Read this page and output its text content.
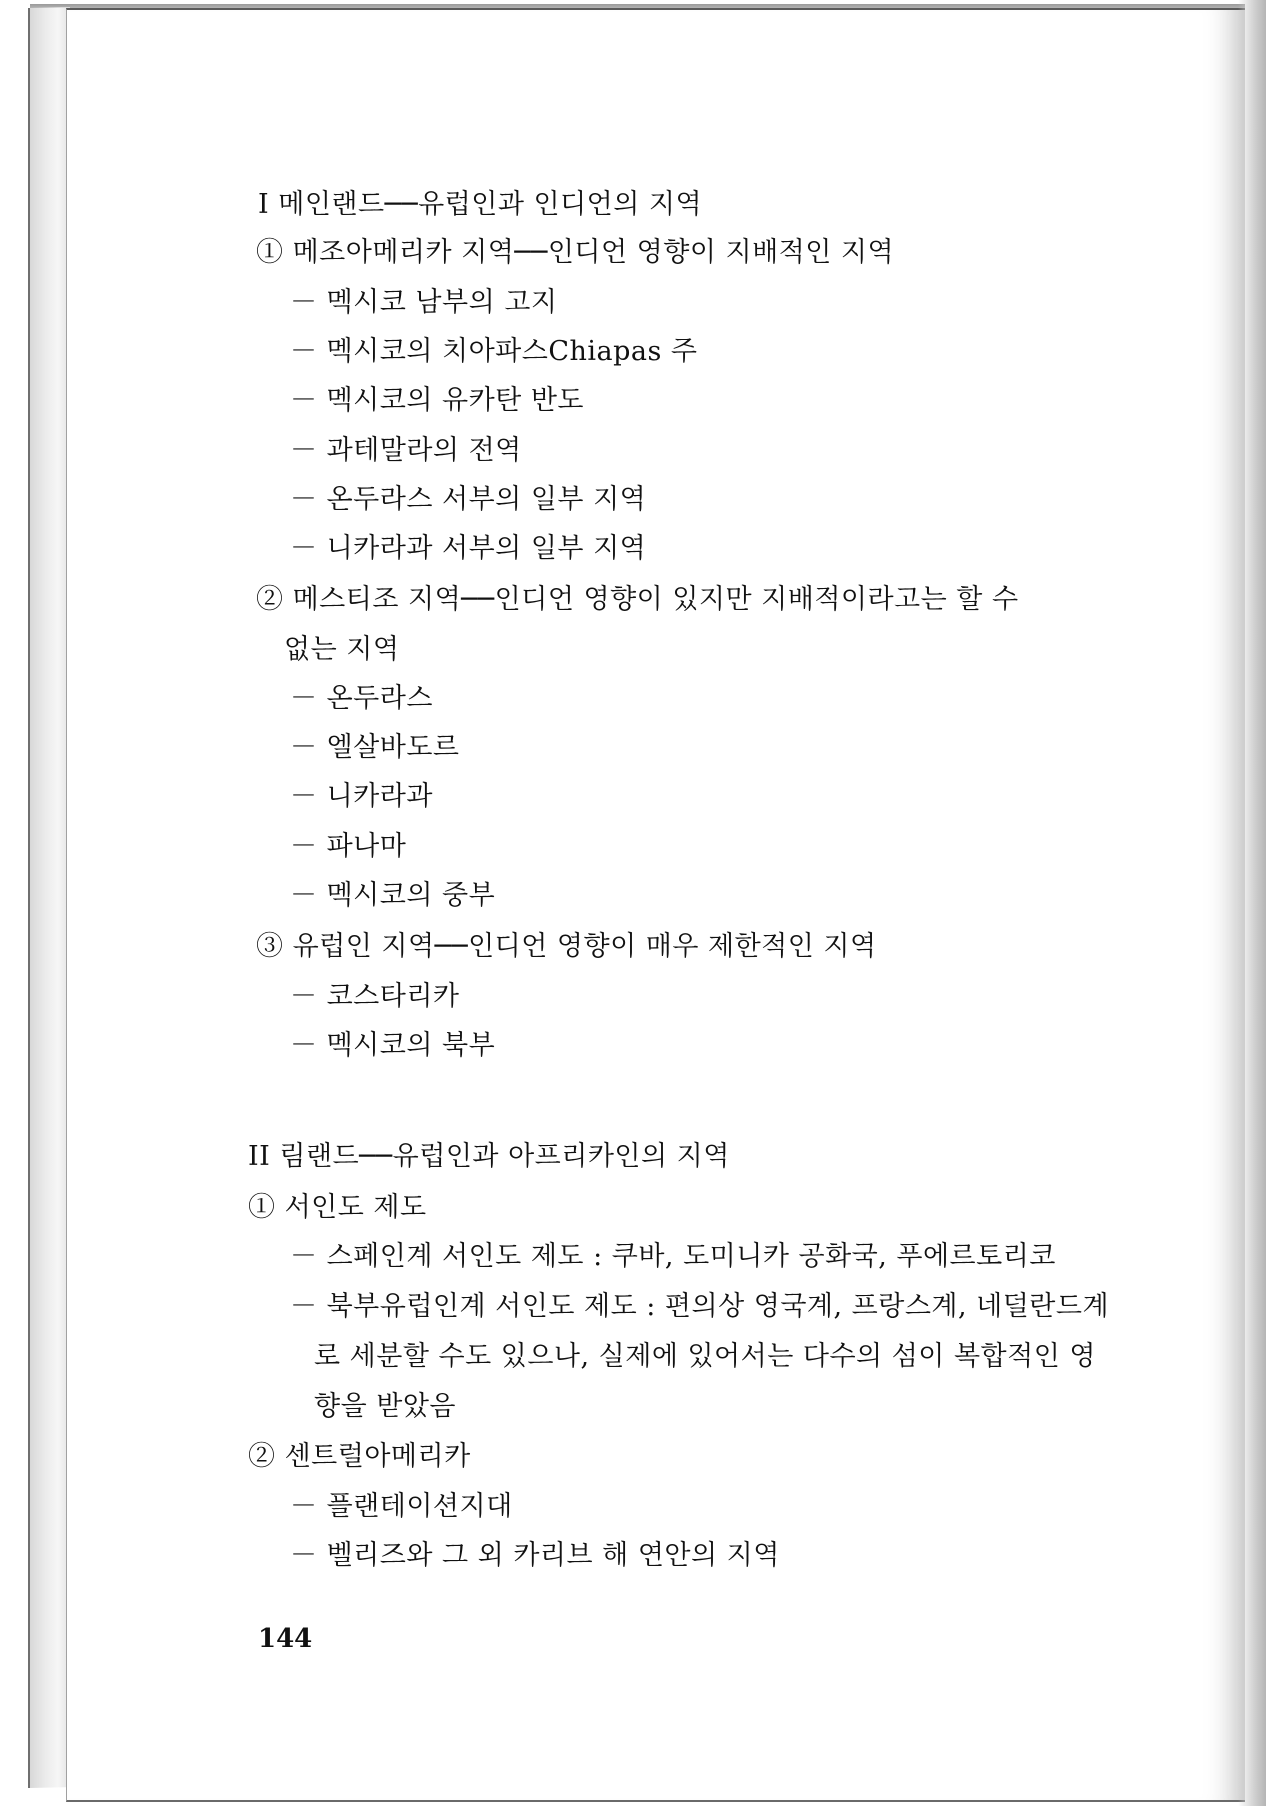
I 메인랜드──유럽인과 인디언의 지역
① 메조아메리카 지역──인디언 영향이 지배적인 지역
－ 멕시코 남부의 고지
－ 멕시코의 치아파스Chiapas 주
－ 멕시코의 유카탄 반도
－ 과테말라의 전역
－ 온두라스 서부의 일부 지역
－ 니카라과 서부의 일부 지역
② 메스티조 지역──인디언 영향이 있지만 지배적이라고는 할 수
없는 지역
－ 온두라스
－ 엘살바도르
－ 니카라과
－ 파나마
－ 멕시코의 중부
③ 유럽인 지역──인디언 영향이 매우 제한적인 지역
－ 코스타리카
－ 멕시코의 북부
II 림랜드──유럽인과 아프리카인의 지역
① 서인도 제도
－ 스페인계 서인도 제도 : 쿠바, 도미니카 공화국, 푸에르토리코
－ 북부유럽인계 서인도 제도 : 편의상 영국계, 프랑스계, 네덜란드계
로 세분할 수도 있으나, 실제에 있어서는 다수의 섬이 복합적인 영
향을 받았음
② 센트럴아메리카
－ 플랜테이션지대
－ 벨리즈와 그 외 카리브 해 연안의 지역
144
